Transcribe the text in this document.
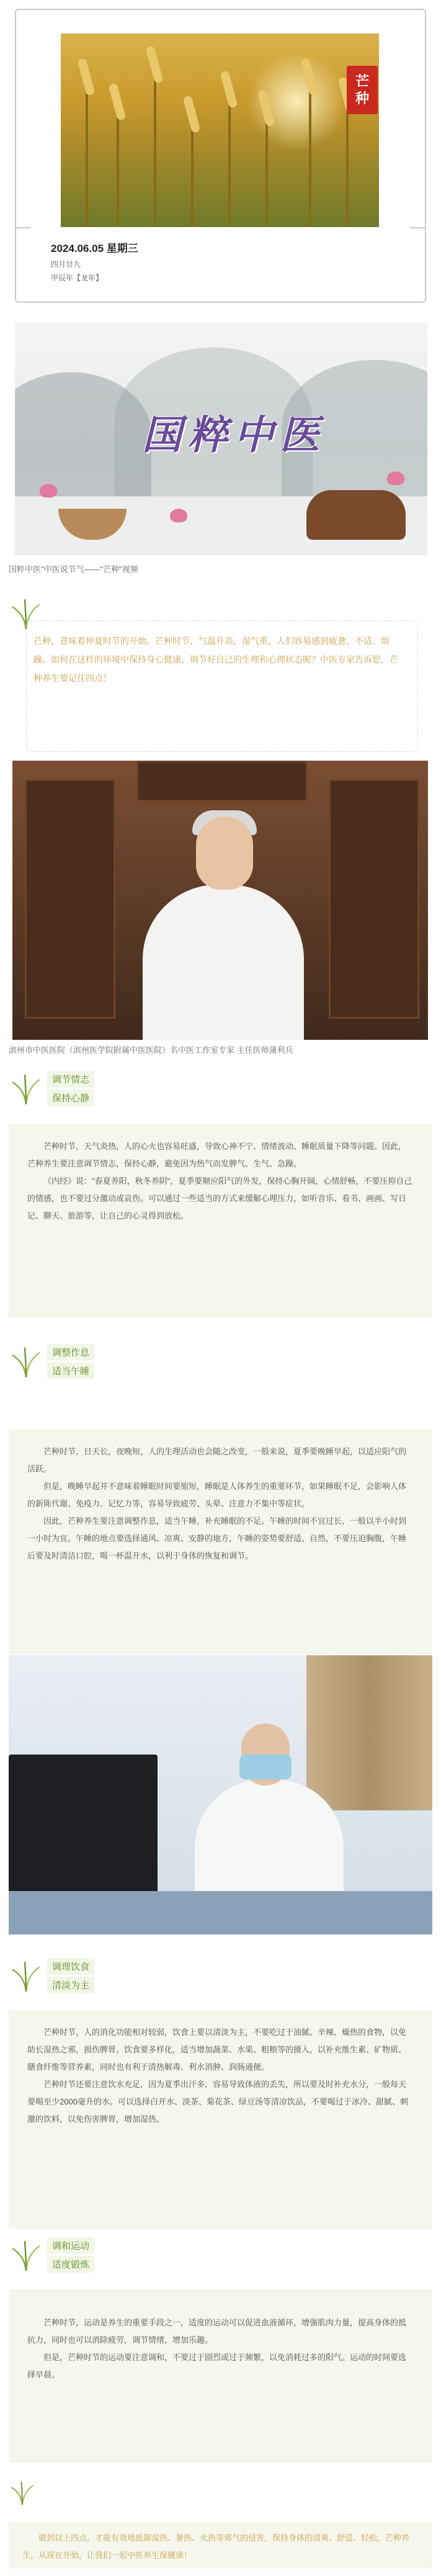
芒
种
2024.06.05 星期三
四月廿九
甲辰年【龙年】
国粹中医
国粹中医"中医说节气——"芒种"视频
芒种，意味着仲夏时节的开始。芒种时节，气温升高，湿气重，人们容易感到疲惫、不适、烦躁。如何在这样的环境中保持身心健康，调节好自己的生理和心理状态呢？中医专家告诉您，芒种养生要记住四点！
滨州市中医医院（滨州医学院附属中医医院）名中医工作室专家 主任医师蒲利兵
调节情志
保持心静

芒种时节，天气炎热，人的心火也容易旺盛，导致心神不宁、情绪波动、睡眠质量下降等问题。因此，芒种养生要注意调节情志，保持心静，避免因为热气而发脾气、生气、急躁。

《内经》说："春夏养阳，秋冬养阴"，夏季要顺应阳气的外发，保持心胸开阔，心情舒畅，不要压抑自己的情感，也不要过分激动或哀伤。可以通过一些适当的方式来缓解心理压力，如听音乐、看书、画画、写日记、聊天、旅游等，让自己的心灵得到放松。

调整作息
适当午睡

芒种时节，日天长，夜晚短，人的生理活动也会随之改变，一般来说，夏季要晚睡早起，以适应阳气的活跃。

但是，晚睡早起并不意味着睡眠时间要缩短，睡眠是人体养生的重要环节，如果睡眠不足，会影响人体的新陈代谢、免疫力、记忆力等，容易导致疲劳、头晕、注意力不集中等症状。

因此，芒种养生要注意调整作息，适当午睡，补充睡眠的不足。午睡的时间不宜过长，一般以半小时到一小时为宜。午睡的地点要选择通风、凉爽、安静的地方，午睡的姿势要舒适、自然，不要压迫胸腹，午睡后要及时清洁口腔，喝一杯温开水，以利于身体的恢复和调节。

调理饮食
清淡为主

芒种时节，人的消化功能相对较弱，饮食上要以清淡为主，不要吃过于油腻、辛辣、燥热的食物，以免助长湿热之邪，损伤脾胃。饮食要多样化，适当增加蔬菜、水果、粗粮等的摄入，以补充维生素、矿物质、膳食纤维等营养素，同时也有利于清热解毒、利水消肿、润肠通便。

芒种时节还要注意饮水充足，因为夏季出汗多，容易导致体液的丢失，所以要及时补充水分，一般每天要喝至少2000毫升的水。可以选择白开水、淡茶、菊花茶、绿豆汤等清凉饮品，不要喝过于冰冷、甜腻、刺激的饮料，以免伤害脾胃，增加湿热。

调和运动
适度锻炼

芒种时节，运动是养生的重要手段之一，适度的运动可以促进血液循环，增强肌肉力量，提高身体的抵抗力，同时也可以消除疲劳，调节情绪，增加乐趣。

但是，芒种时节的运动要注意调和，不要过于剧烈或过于频繁，以免消耗过多的阳气。运动的时间要选择早晨。

做到以上四点，才能有效地抵御湿热、暑热、火热等邪气的侵害，保持身体的清爽、舒适、轻松。芒种养生，从现在开始，让我们一起中医养生保健康！
